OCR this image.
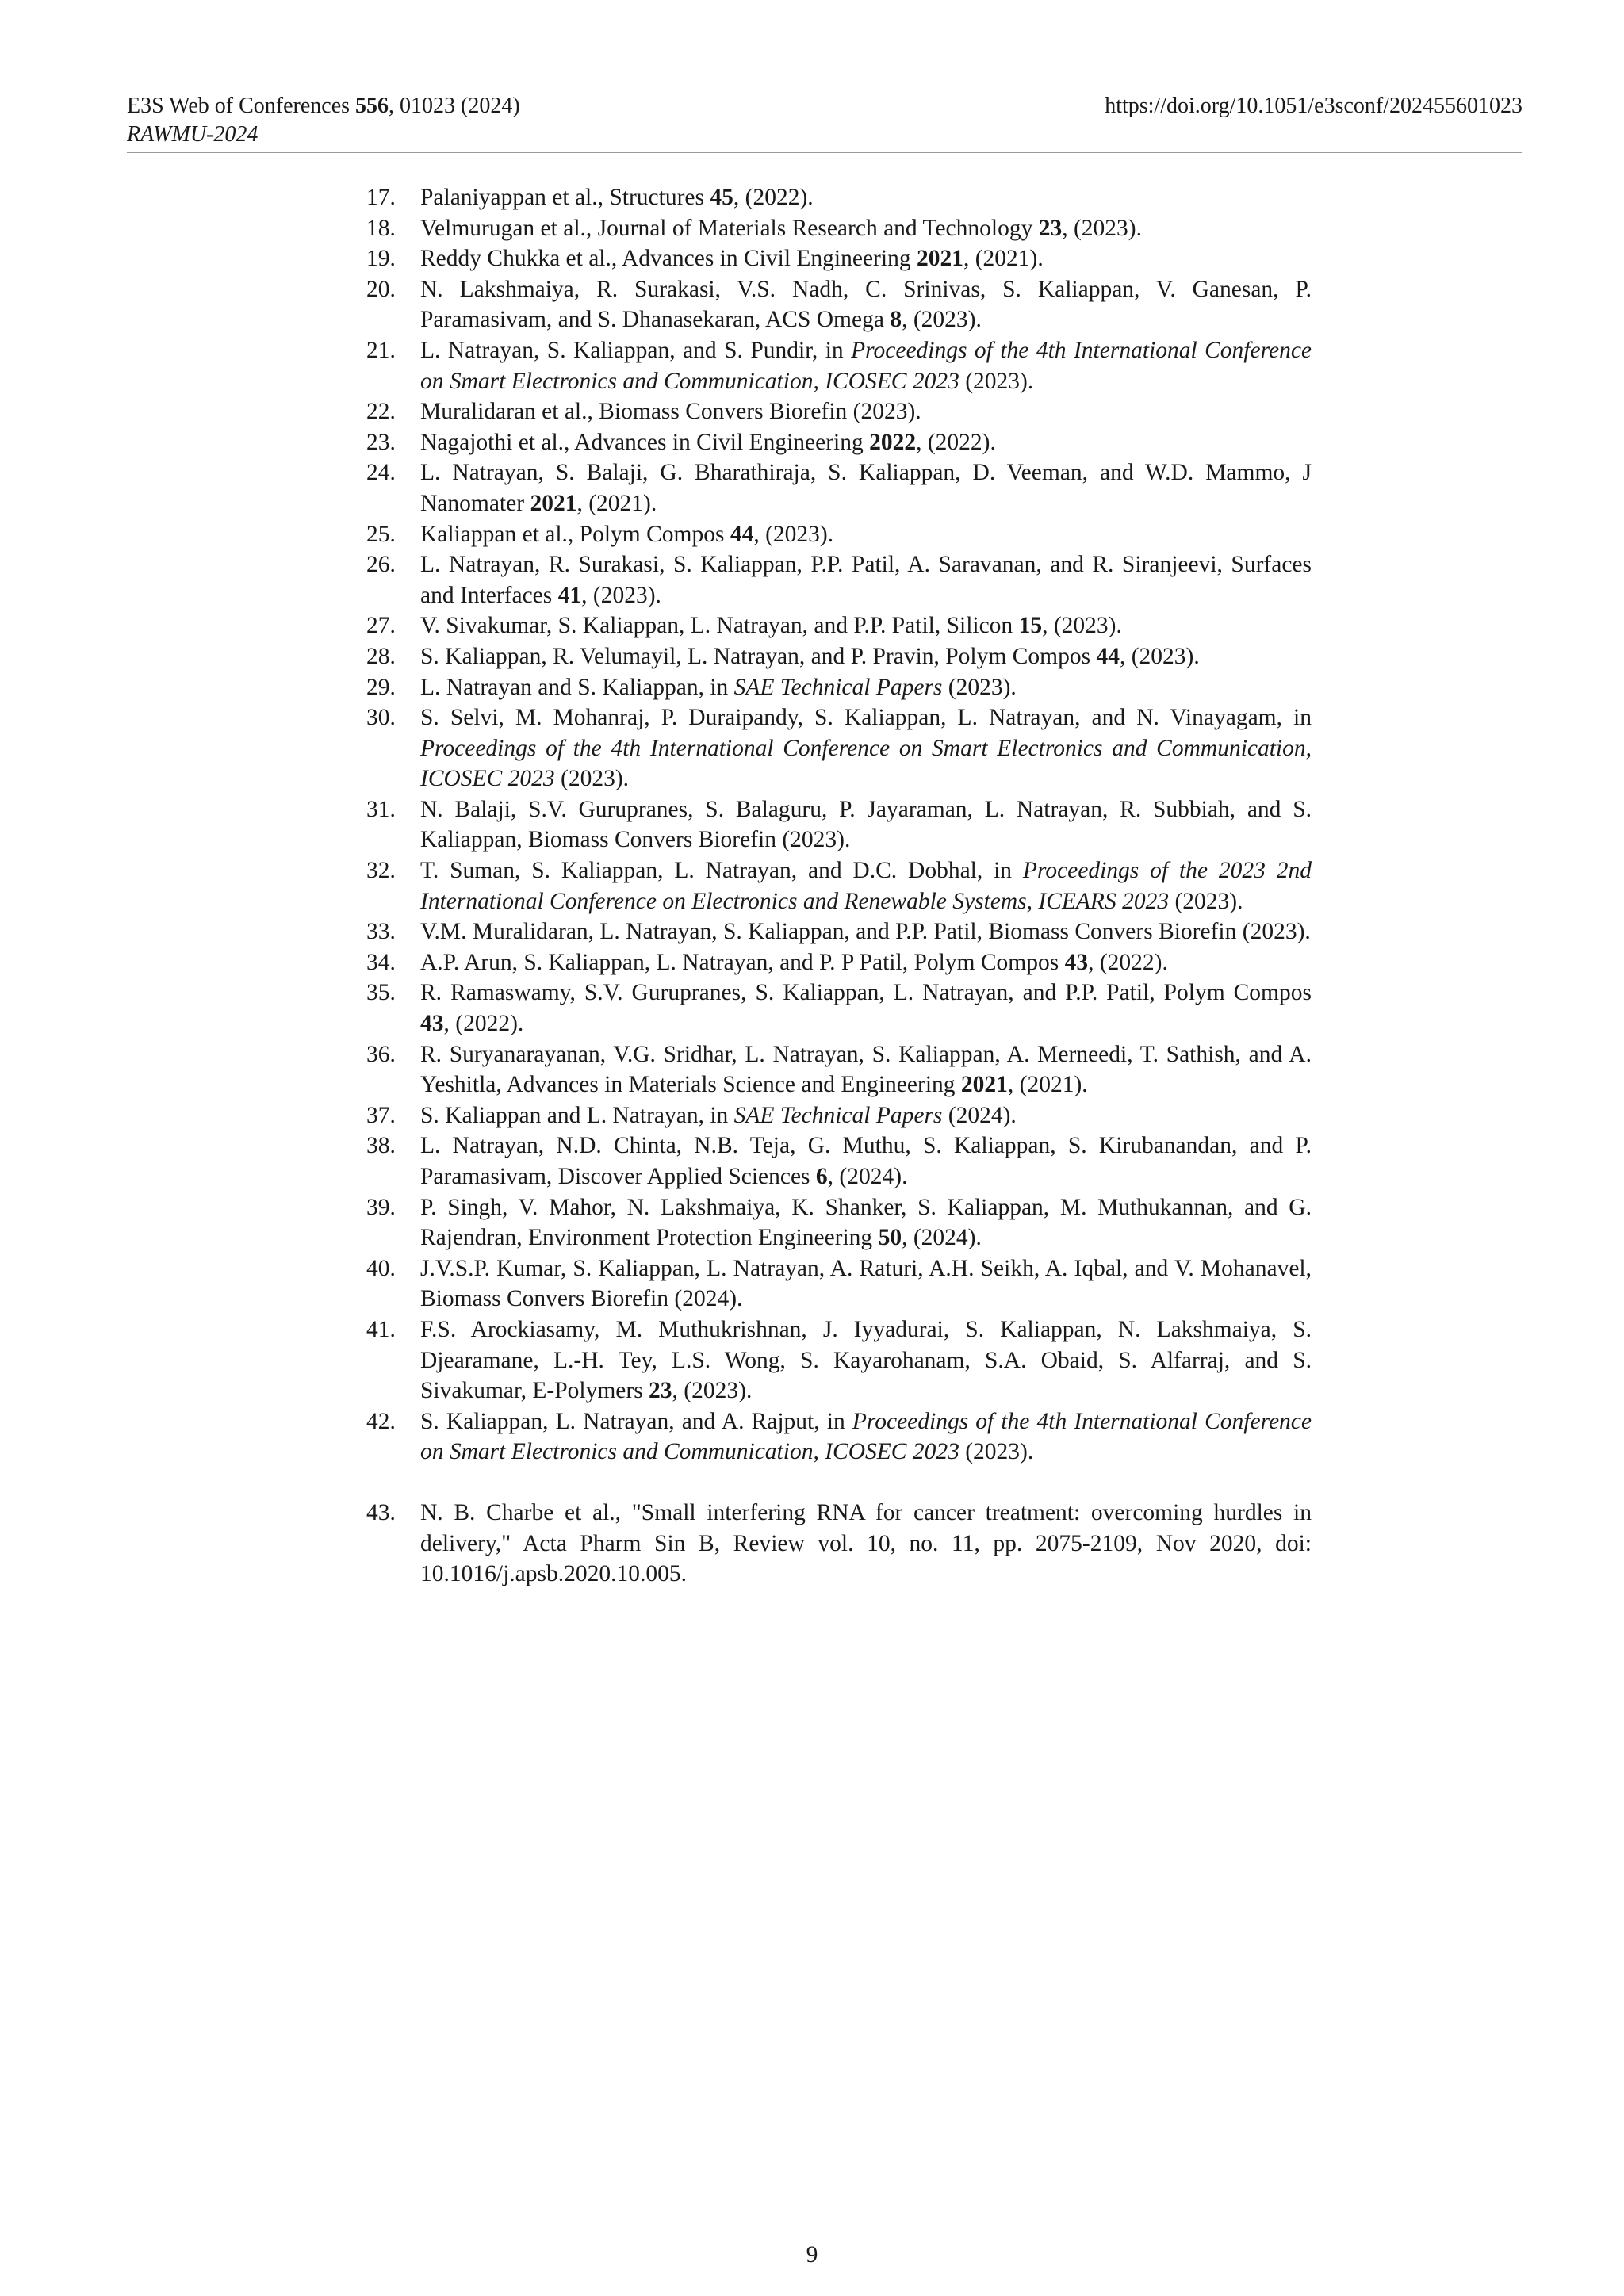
E3S Web of Conferences 556, 01023 (2024)
RAWMU-2024
https://doi.org/10.1051/e3sconf/202455601023
17. Palaniyappan et al., Structures 45, (2022).
18. Velmurugan et al., Journal of Materials Research and Technology 23, (2023).
19. Reddy Chukka et al., Advances in Civil Engineering 2021, (2021).
20. N. Lakshmaiya, R. Surakasi, V.S. Nadh, C. Srinivas, S. Kaliappan, V. Ganesan, P. Paramasivam, and S. Dhanasekaran, ACS Omega 8, (2023).
21. L. Natrayan, S. Kaliappan, and S. Pundir, in Proceedings of the 4th International Conference on Smart Electronics and Communication, ICOSEC 2023 (2023).
22. Muralidaran et al., Biomass Convers Biorefin (2023).
23. Nagajothi et al., Advances in Civil Engineering 2022, (2022).
24. L. Natrayan, S. Balaji, G. Bharathiraja, S. Kaliappan, D. Veeman, and W.D. Mammo, J Nanomater 2021, (2021).
25. Kaliappan et al., Polym Compos 44, (2023).
26. L. Natrayan, R. Surakasi, S. Kaliappan, P.P. Patil, A. Saravanan, and R. Siranjeevi, Surfaces and Interfaces 41, (2023).
27. V. Sivakumar, S. Kaliappan, L. Natrayan, and P.P. Patil, Silicon 15, (2023).
28. S. Kaliappan, R. Velumayil, L. Natrayan, and P. Pravin, Polym Compos 44, (2023).
29. L. Natrayan and S. Kaliappan, in SAE Technical Papers (2023).
30. S. Selvi, M. Mohanraj, P. Duraipandy, S. Kaliappan, L. Natrayan, and N. Vinayagam, in Proceedings of the 4th International Conference on Smart Electronics and Communication, ICOSEC 2023 (2023).
31. N. Balaji, S.V. Gurupranes, S. Balaguru, P. Jayaraman, L. Natrayan, R. Subbiah, and S. Kaliappan, Biomass Convers Biorefin (2023).
32. T. Suman, S. Kaliappan, L. Natrayan, and D.C. Dobhal, in Proceedings of the 2023 2nd International Conference on Electronics and Renewable Systems, ICEARS 2023 (2023).
33. V.M. Muralidaran, L. Natrayan, S. Kaliappan, and P.P. Patil, Biomass Convers Biorefin (2023).
34. A.P. Arun, S. Kaliappan, L. Natrayan, and P. P Patil, Polym Compos 43, (2022).
35. R. Ramaswamy, S.V. Gurupranes, S. Kaliappan, L. Natrayan, and P.P. Patil, Polym Compos 43, (2022).
36. R. Suryanarayanan, V.G. Sridhar, L. Natrayan, S. Kaliappan, A. Merneedi, T. Sathish, and A. Yeshitla, Advances in Materials Science and Engineering 2021, (2021).
37. S. Kaliappan and L. Natrayan, in SAE Technical Papers (2024).
38. L. Natrayan, N.D. Chinta, N.B. Teja, G. Muthu, S. Kaliappan, S. Kirubanandan, and P. Paramasivam, Discover Applied Sciences 6, (2024).
39. P. Singh, V. Mahor, N. Lakshmaiya, K. Shanker, S. Kaliappan, M. Muthukannan, and G. Rajendran, Environment Protection Engineering 50, (2024).
40. J.V.S.P. Kumar, S. Kaliappan, L. Natrayan, A. Raturi, A.H. Seikh, A. Iqbal, and V. Mohanavel, Biomass Convers Biorefin (2024).
41. F.S. Arockiasamy, M. Muthukrishnan, J. Iyyadurai, S. Kaliappan, N. Lakshmaiya, S. Djearamane, L.-H. Tey, L.S. Wong, S. Kayarohanam, S.A. Obaid, S. Alfarraj, and S. Sivakumar, E-Polymers 23, (2023).
42. S. Kaliappan, L. Natrayan, and A. Rajput, in Proceedings of the 4th International Conference on Smart Electronics and Communication, ICOSEC 2023 (2023).
43. N. B. Charbe et al., "Small interfering RNA for cancer treatment: overcoming hurdles in delivery," Acta Pharm Sin B, Review vol. 10, no. 11, pp. 2075-2109, Nov 2020, doi: 10.1016/j.apsb.2020.10.005.
9
